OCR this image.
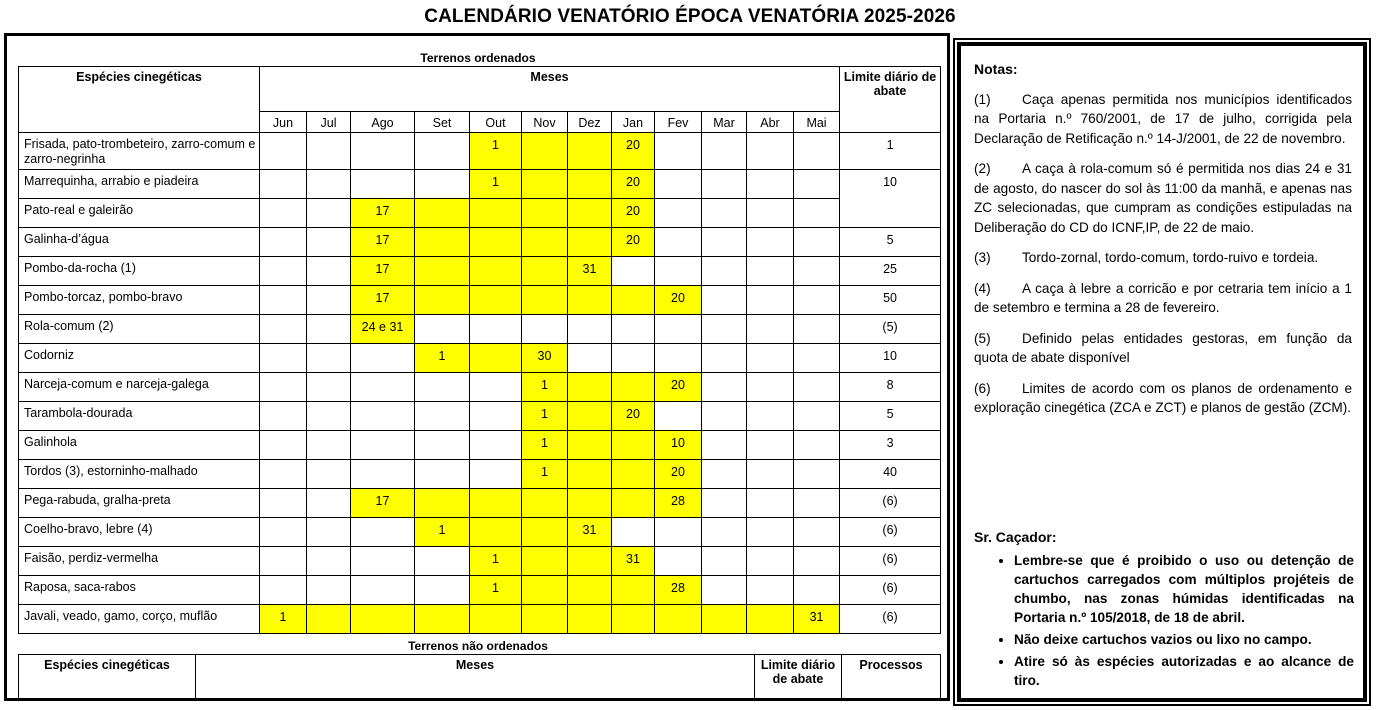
CALENDÁRIO VENATÓRIO ÉPOCA VENATÓRIA 2025-2026
Terrenos ordenados
Espécies cinegéticas	Meses												Limite diário de abate
	Jun	Jul	Ago	Set	Out	Nov	Dez	Jan	Fev	Mar	Abr	Mai	
Frisada, pato-trombeteiro, zarro-comum e zarro-negrinha					1			20					1
Marrequinha, arrabio e piadeira					1			20					10
Pato-real e galeirão			17					20					
Galinha-d’água			17					20					5
Pombo-da-rocha (1)			17				31						25
Pombo-torcaz, pombo-bravo			17						20				50
Rola-comum (2)			24 e 31										(5)
Codorniz				1		30							10
Narceja-comum e narceja-galega						1			20				8
Tarambola-dourada						1		20					5
Galinhola						1			10				3
Tordos (3), estorninho-malhado						1			20				40
Pega-rabuda, gralha-preta			17						28				(6)
Coelho-bravo, lebre (4)				1			31						(6)
Faisão, perdiz-vermelha					1			31					(6)
Raposa, saca-rabos					1				28				(6)
Javali, veado, gamo, corço, muflão	1											31	(6)
Terrenos não ordenados
Espécies cinegéticas	Meses	Limite diário de abate	Processos
Notas:

(1) Caça apenas permitida nos municípios identificados na Portaria n.º 760/2001, de 17 de julho, corrigida pela Declaração de Retificação n.º 14-J/2001, de 22 de novembro.

(2) A caça à rola-comum só é permitida nos dias 24 e 31 de agosto, do nascer do sol às 11:00 da manhã, e apenas nas ZC selecionadas, que cumpram as condições estipuladas na Deliberação do CD do ICNF,IP, de 22 de maio.

(3) Tordo-zornal, tordo-comum, tordo-ruivo e tordeia.

(4) A caça à lebre a corricão e por cetraria tem início a 1 de setembro e termina a 28 de fevereiro.

(5) Definido pelas entidades gestoras, em função da quota de abate disponível

(6) Limites de acordo com os planos de ordenamento e exploração cinegética (ZCA e ZCT) e planos de gestão (ZCM).

Sr. Caçador:
• Lembre-se que é proibido o uso ou detenção de cartuchos carregados com múltiplos projéteis de chumbo, nas zonas húmidas identificadas na Portaria n.º 105/2018, de 18 de abril.
• Não deixe cartuchos vazios ou lixo no campo.
• Atire só às espécies autorizadas e ao alcance de tiro.
